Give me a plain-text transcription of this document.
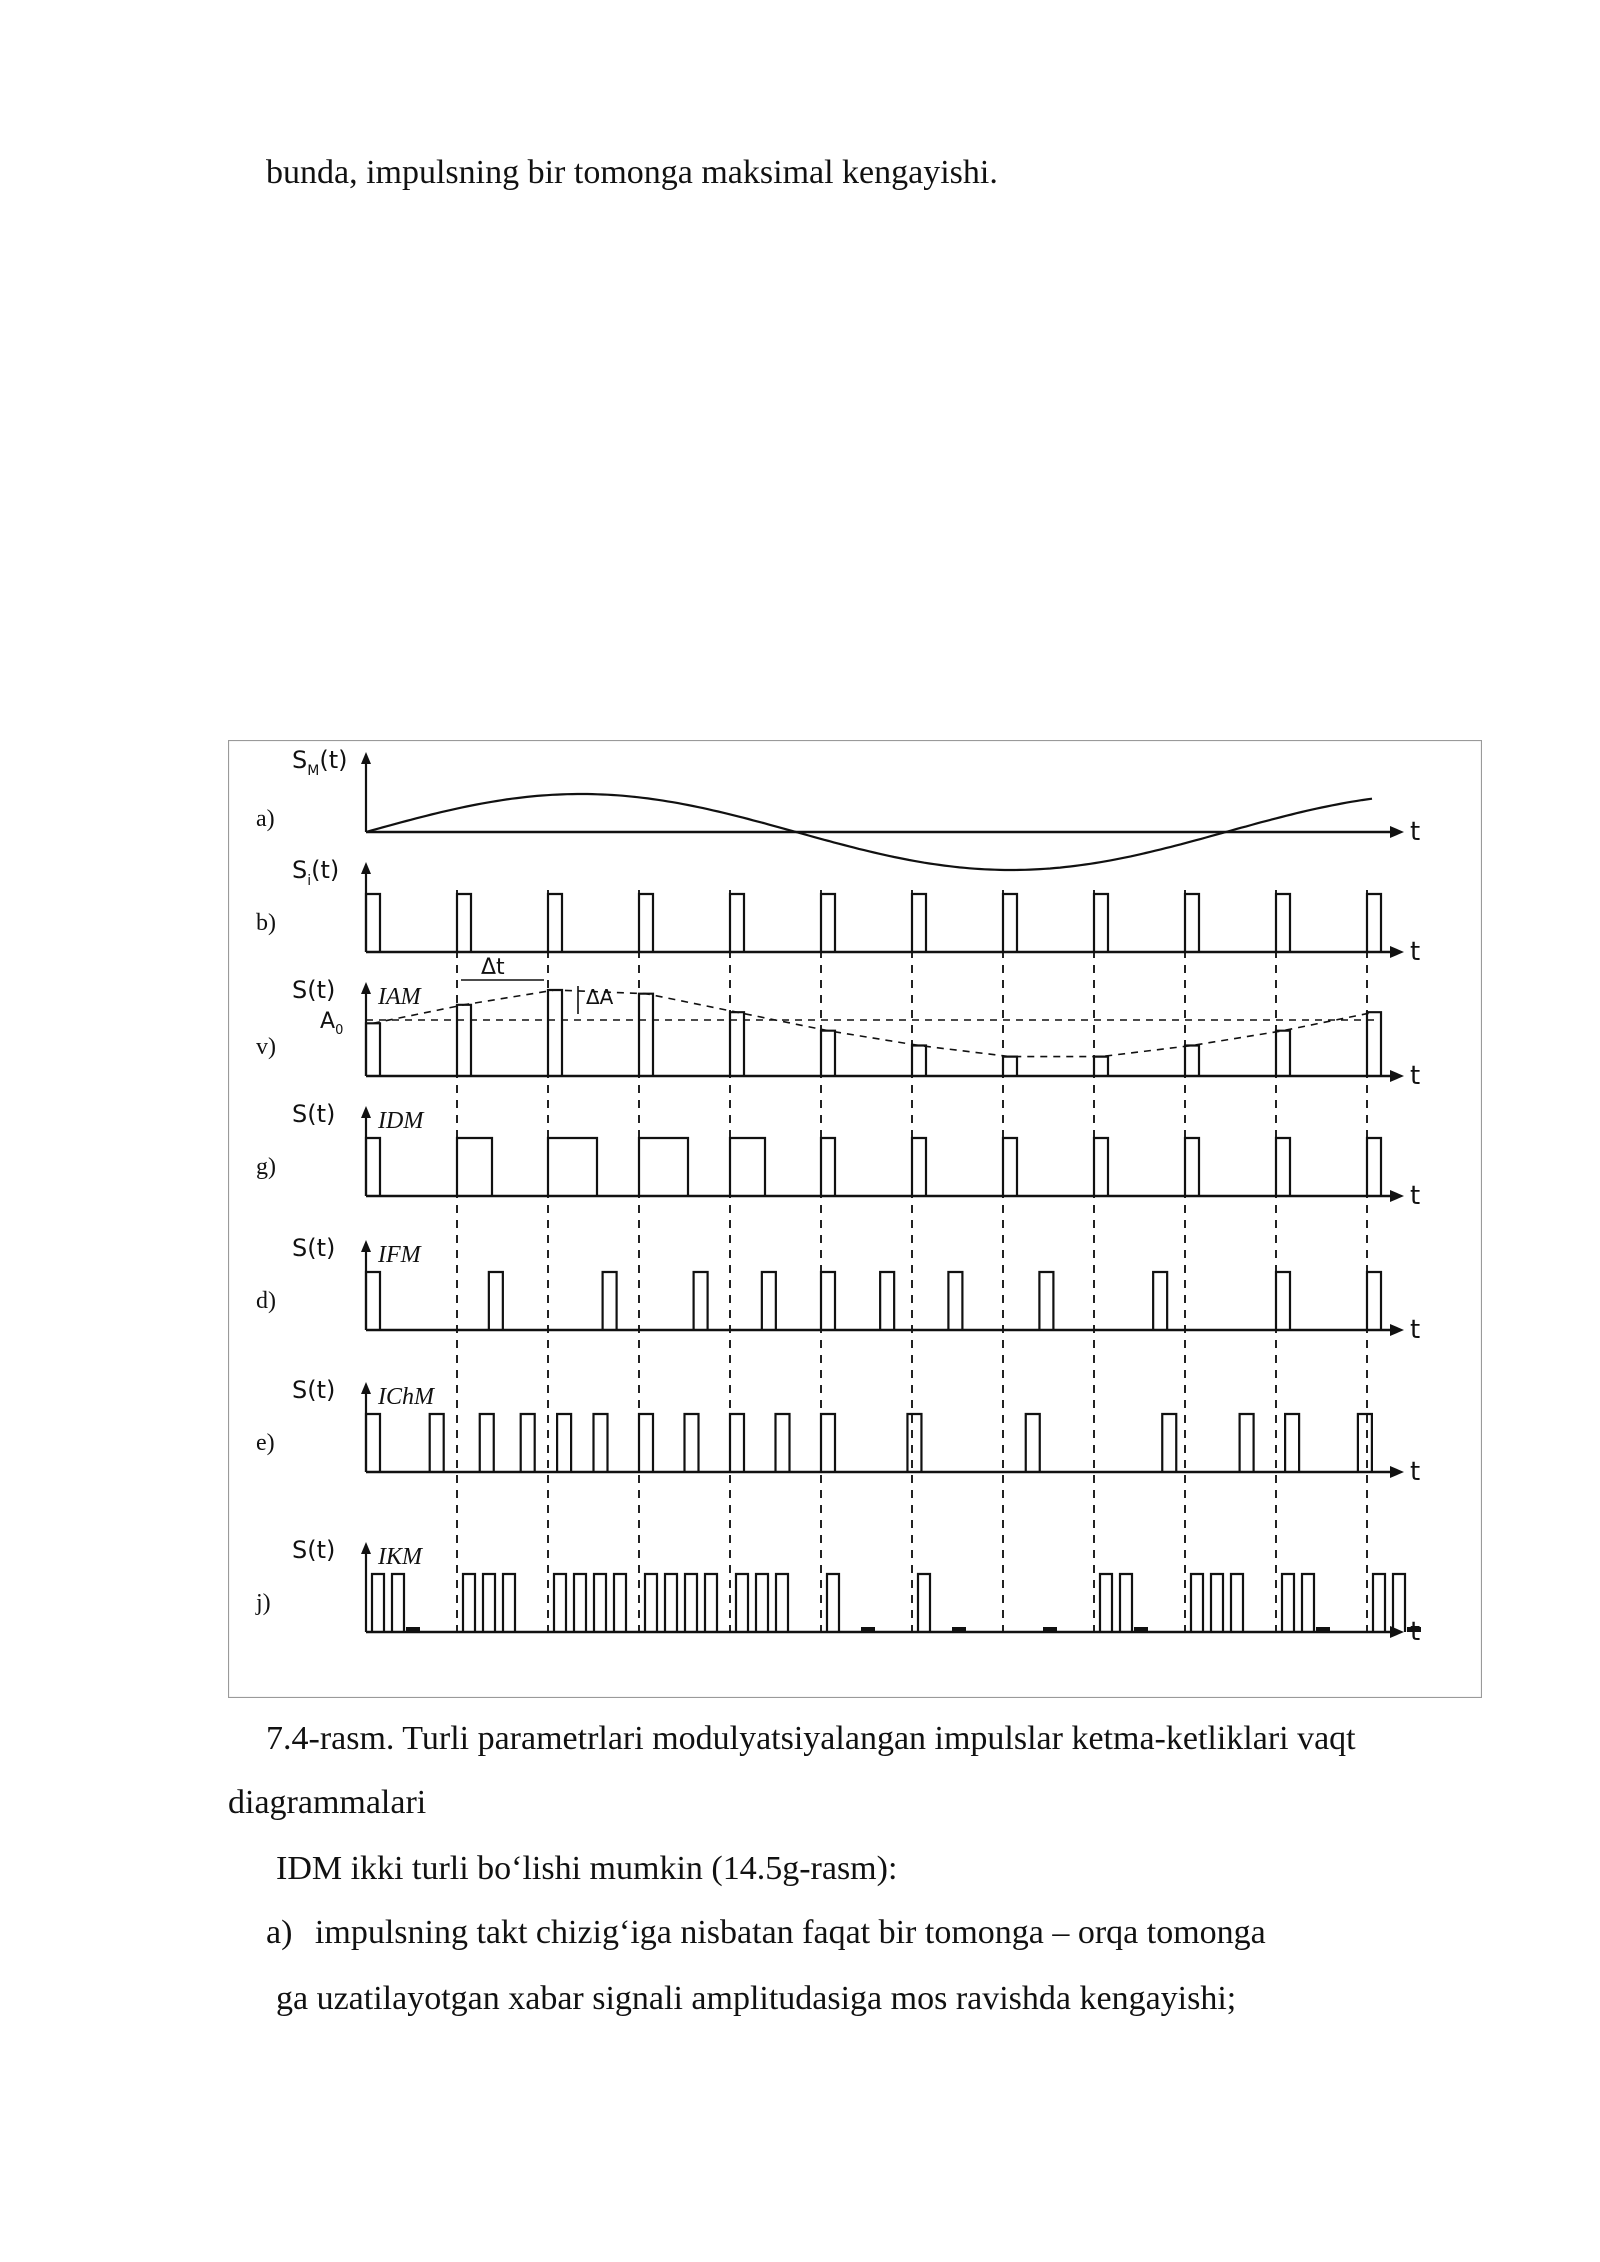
bunda, impulsning bir tomonga maksimal kengayishi.
t
$S_M(t)$
a)
t
$S_i(t)$
b)
t
S(t)
v)
IAM
t
S(t)
g)
IDM
t
S(t)
d)
IFM
t
S(t)
e)
IChM
S(t)
j)
IKM
$A_0$
Δt
ΔA
7.4-rasm. Turli parametrlari modulyatsiyalangan impulslar ketma-ketliklari vaqt
diagrammalari
IDM ikki turli bo‘lishi mumkin (14.5g-rasm):
a) impulsning takt chizig‘iga nisbatan faqat bir tomonga – orqa tomonga
ga uzatilayotgan xabar signali amplitudasiga mos ravishda kengayishi;
